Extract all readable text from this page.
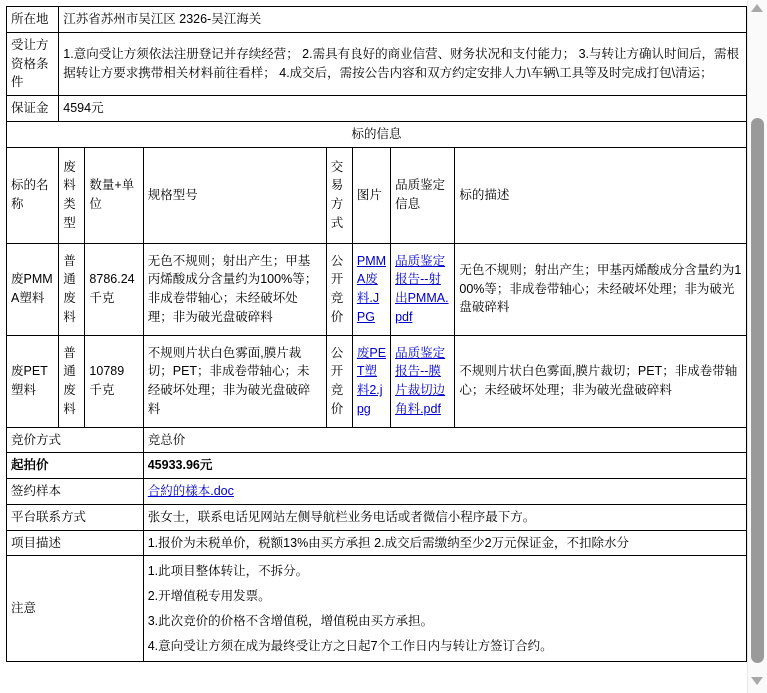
所在地	江苏省苏州市吴江区 2326-吴江海关						
受让方资格条件	1.意向受让方须依法注册登记并存续经营； 2.需具有良好的商业信营、财务状况和支付能力； 3.与转让方确认时间后，需根据转让方要求携带相关材料前往看样； 4.成交后，需按公告内容和双方约定安排人力\车辆\工具等及时完成打包\清运；						
保证金	4594元						
标的信息							
标的名称	废料类型	数量+单位	规格型号	交易方式	图片	品质鉴定信息	标的描述
废PMMA塑料	普通废料	8786.24 千克	无色不规则；射出产生；甲基丙烯酸成分含量约为100%等；非成卷带轴心；未经破坏处理；非为破光盘破碎料	公开竞价	PMMA废料.JPG	品质鉴定报告--射出PMMA.pdf	无色不规则；射出产生；甲基丙烯酸成分含量约为100%等；非成卷带轴心；未经破坏处理；非为破光盘破碎料
废PET塑料	普通废料	10789 千克	不规则片状白色雾面,膜片裁切；PET；非成卷带轴心；未经破坏处理；非为破光盘破碎料	公开竞价	废PET塑料2.jpg	品质鉴定报告--膜片裁切边角料.pdf	不规则片状白色雾面,膜片裁切；PET；非成卷带轴心；未经破坏处理；非为破光盘破碎料
竞价方式			竞总价				
起拍价			45933.96元				
签约样本			合約的樣本.doc				
平台联系方式			张女士，联系电话见网站左侧导航栏业务电话或者微信小程序最下方。				
项目描述			1.报价为未税单价，税额13%由买方承担 2.成交后需缴纳至少2万元保证金，不扣除水分				
注意			1.此项目整体转让，不拆分。
2.开增值税专用发票。
3.此次竞价的价格不含增值税，增值税由买方承担。
4.意向受让方须在成为最终受让方之日起7个工作日内与转让方签订合约。				
